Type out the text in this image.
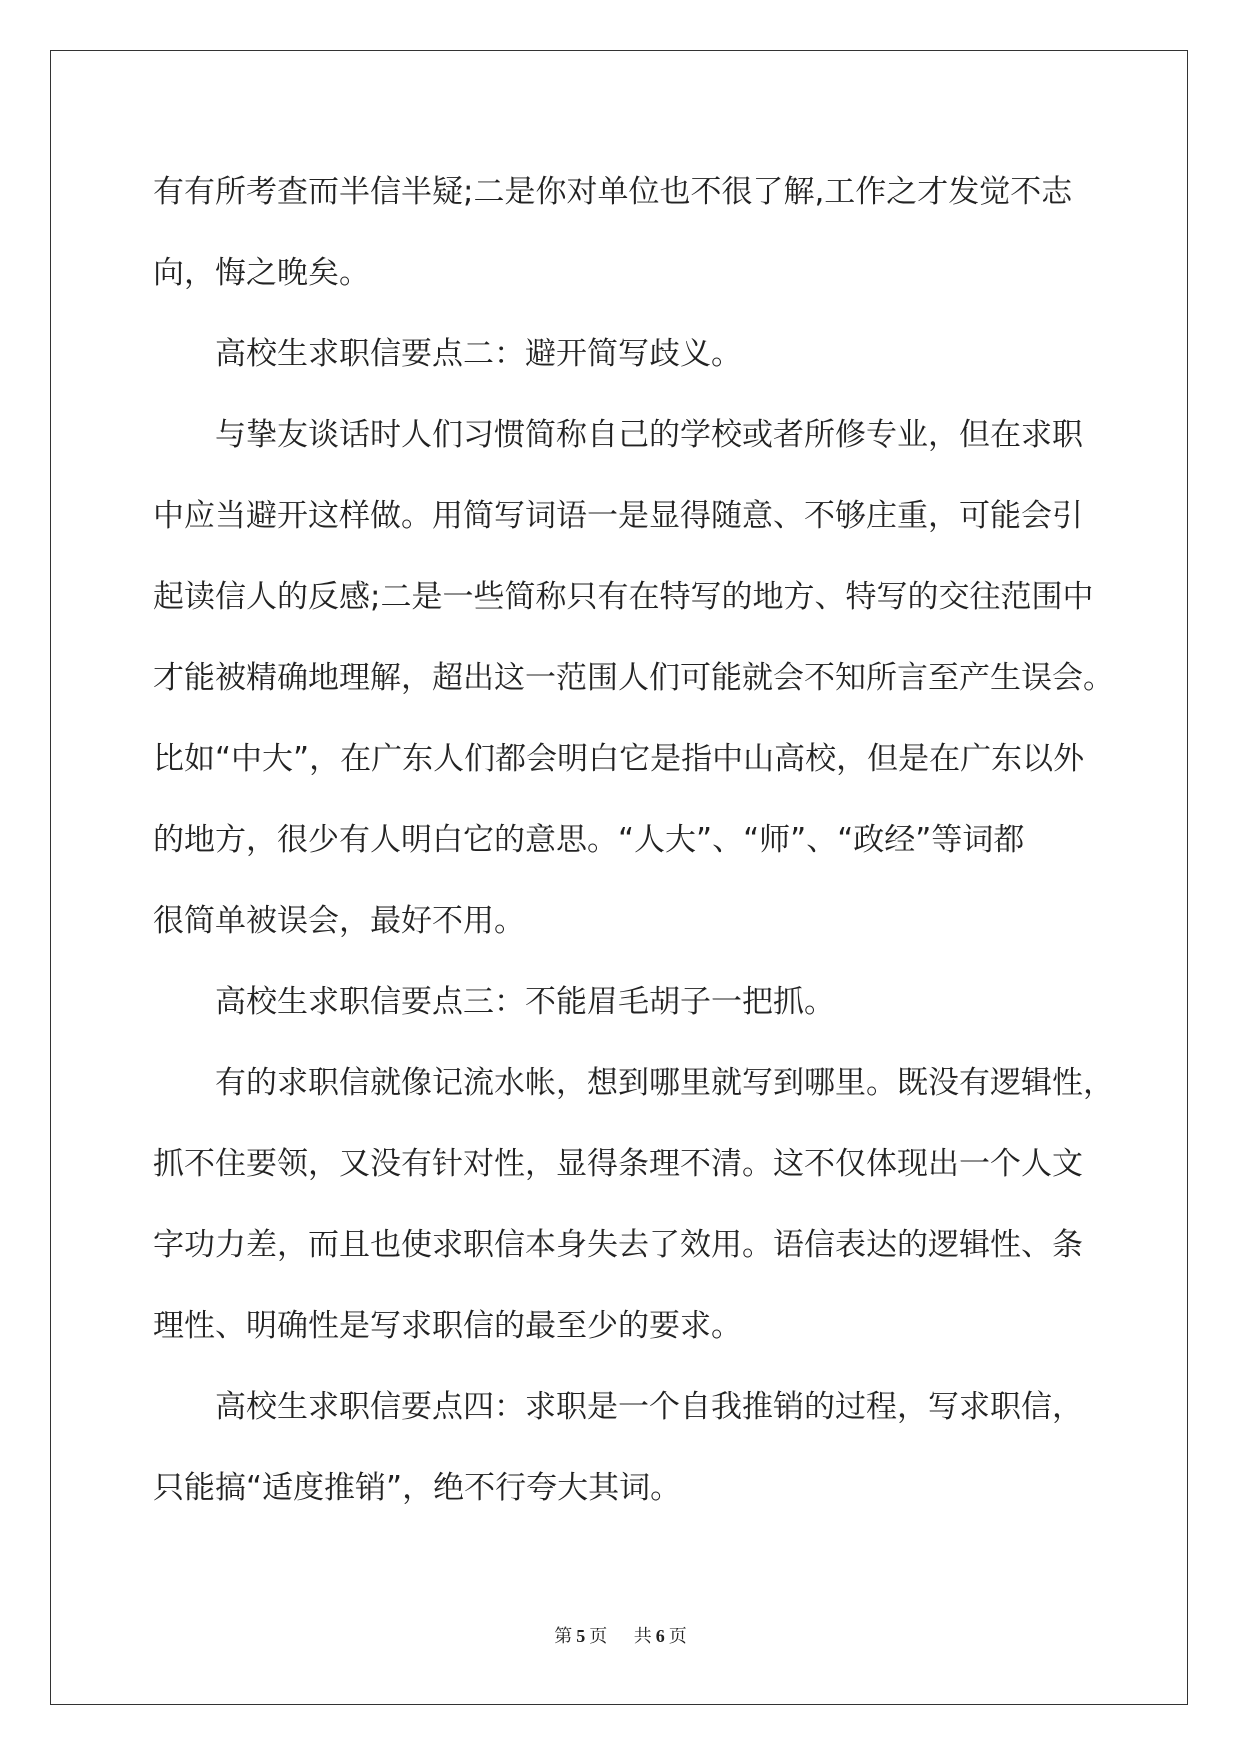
有有所考查而半信半疑;二是你对单位也不很了解,工作之才发觉不志
向，悔之晚矣。
高校生求职信要点二：避开简写歧义。
与挚友谈话时人们习惯简称自己的学校或者所修专业，但在求职
中应当避开这样做。用简写词语一是显得随意、不够庄重，可能会引
起读信人的反感;二是一些简称只有在特写的地方、特写的交往范围中
才能被精确地理解，超出这一范围人们可能就会不知所言至产生误会。
比如“中大”，在广东人们都会明白它是指中山高校，但是在广东以外
的地方，很少有人明白它的意思。“人大”、“师”、“政经”等词都
很简单被误会，最好不用。
高校生求职信要点三：不能眉毛胡子一把抓。
有的求职信就像记流水帐，想到哪里就写到哪里。既没有逻辑性，
抓不住要领，又没有针对性，显得条理不清。这不仅体现出一个人文
字功力差，而且也使求职信本身失去了效用。语信表达的逻辑性、条
理性、明确性是写求职信的最至少的要求。
高校生求职信要点四：求职是一个自我推销的过程，写求职信，
只能搞“适度推销”，绝不行夸大其词。
第 5 页 共 6 页
